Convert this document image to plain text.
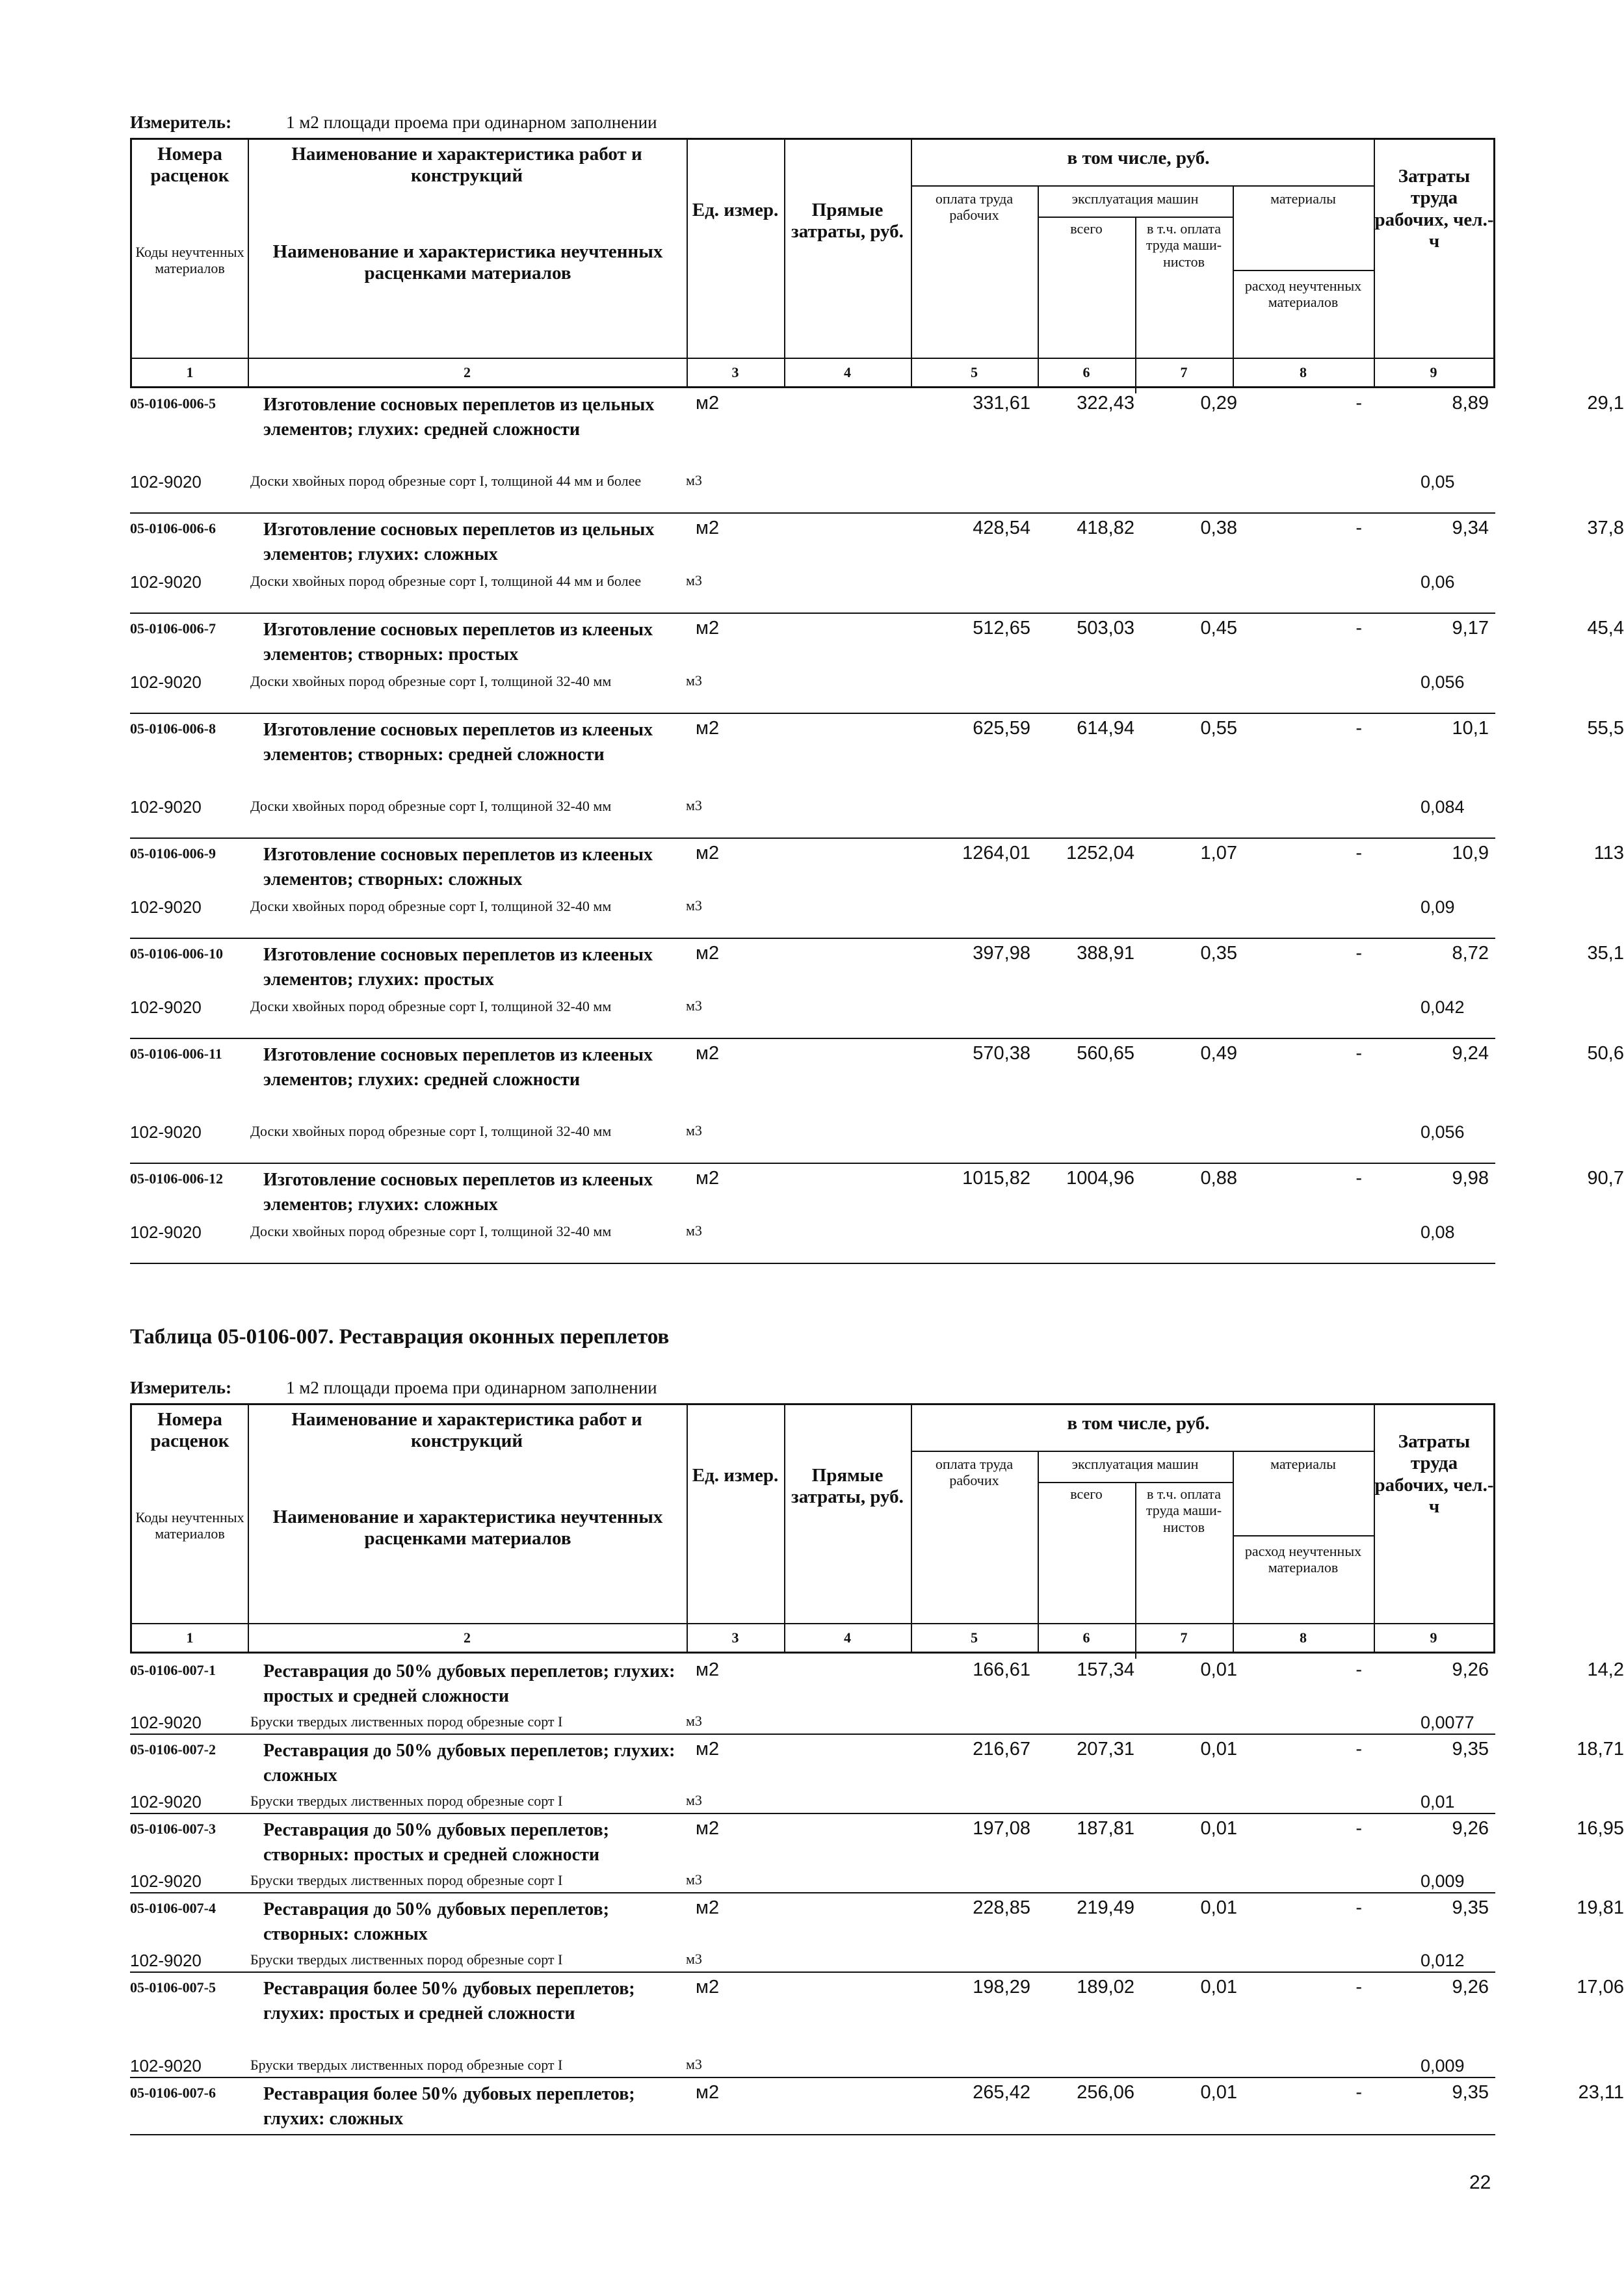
Измеритель:	1 м2 площади проема при одинарном заполнении
Номера расценок
Наименование и характеристика работ и конструкций
Ед. измер.	Прямые затраты, руб.
в том числе, руб.
оплата труда рабочих
эксплуатация машин
всего	в т.ч. оплата труда маши-нистов
материалы
Затраты труда рабочих, чел.-ч
Коды неучтенных материалов
Наименование и характеристика неучтенных расценками материалов
расход неучтенных материалов
1	2	3	4	5	6	7	8	9
05-0106-006-5	Изготовление сосновых переплетов из цельных элементов; глухих: средней сложности
м2	331,61	322,43	0,29	-	8,89	29,1
102-9020	Доски хвойных пород обрезные сорт I, толщиной 44 мм и более	м3	0,05
05-0106-006-6	Изготовление сосновых переплетов из цельных элементов; глухих: сложных
м2	428,54	418,82	0,38	-	9,34	37,8
102-9020	Доски хвойных пород обрезные сорт I, толщиной 44 мм и более	м3	0,06
05-0106-006-7	Изготовление сосновых переплетов из клееных элементов; створных: простых
м2	512,65	503,03	0,45	-	9,17	45,4
102-9020	Доски хвойных пород обрезные сорт I, толщиной 32-40 мм	м3	0,056
05-0106-006-8	Изготовление сосновых переплетов из клееных элементов; створных: средней сложности
м2	625,59	614,94	0,55	-	10,1	55,5
102-9020	Доски хвойных пород обрезные сорт I, толщиной 32-40 мм	м3	0,084
05-0106-006-9	Изготовление сосновых переплетов из клееных элементов; створных: сложных
м2	1264,01	1252,04	1,07	-	10,9	113
102-9020	Доски хвойных пород обрезные сорт I, толщиной 32-40 мм	м3	0,09
05-0106-006-10	Изготовление сосновых переплетов из клееных элементов; глухих: простых
м2	397,98	388,91	0,35	-	8,72	35,1
102-9020	Доски хвойных пород обрезные сорт I, толщиной 32-40 мм	м3	0,042
05-0106-006-11	Изготовление сосновых переплетов из клееных элементов; глухих: средней сложности
м2	570,38	560,65	0,49	-	9,24	50,6
102-9020	Доски хвойных пород обрезные сорт I, толщиной 32-40 мм	м3	0,056
05-0106-006-12	Изготовление сосновых переплетов из клееных элементов; глухих: сложных
м2	1015,82	1004,96	0,88	-	9,98	90,7
102-9020	Доски хвойных пород обрезные сорт I, толщиной 32-40 мм	м3	0,08
Таблица 05-0106-007. Реставрация оконных переплетов
Измеритель:	1 м2 площади проема при одинарном заполнении
Номера расценок
Наименование и характеристика работ и конструкций
Ед. измер.	Прямые затраты, руб.
в том числе, руб.
оплата труда рабочих
эксплуатация машин
всего	в т.ч. оплата труда маши-нистов
материалы
Затраты труда рабочих, чел.-ч
Коды неучтенных материалов
Наименование и характеристика неучтенных расценками материалов
расход неучтенных материалов
1	2	3	4	5	6	7	8	9
05-0106-007-1	Реставрация до 50% дубовых переплетов; глухих: простых и средней сложности
м2	166,61	157,34	0,01	-	9,26	14,2
102-9020	Бруски твердых лиственных пород обрезные сорт I	м3	0,0077
05-0106-007-2	Реставрация до 50% дубовых переплетов; глухих: сложных
м2	216,67	207,31	0,01	-	9,35	18,71
102-9020	Бруски твердых лиственных пород обрезные сорт I	м3	0,01
05-0106-007-3	Реставрация до 50% дубовых переплетов; створных: простых и средней сложности
м2	197,08	187,81	0,01	-	9,26	16,95
102-9020	Бруски твердых лиственных пород обрезные сорт I	м3	0,009
05-0106-007-4	Реставрация до 50% дубовых переплетов; створных: сложных
м2	228,85	219,49	0,01	-	9,35	19,81
102-9020	Бруски твердых лиственных пород обрезные сорт I	м3	0,012
05-0106-007-5	Реставрация более 50% дубовых переплетов; глухих: простых и средней сложности
м2	198,29	189,02	0,01	-	9,26	17,06
102-9020	Бруски твердых лиственных пород обрезные сорт I	м3	0,009
05-0106-007-6	Реставрация более 50% дубовых переплетов; глухих: сложных
м2	265,42	256,06	0,01	-	9,35	23,11
22
